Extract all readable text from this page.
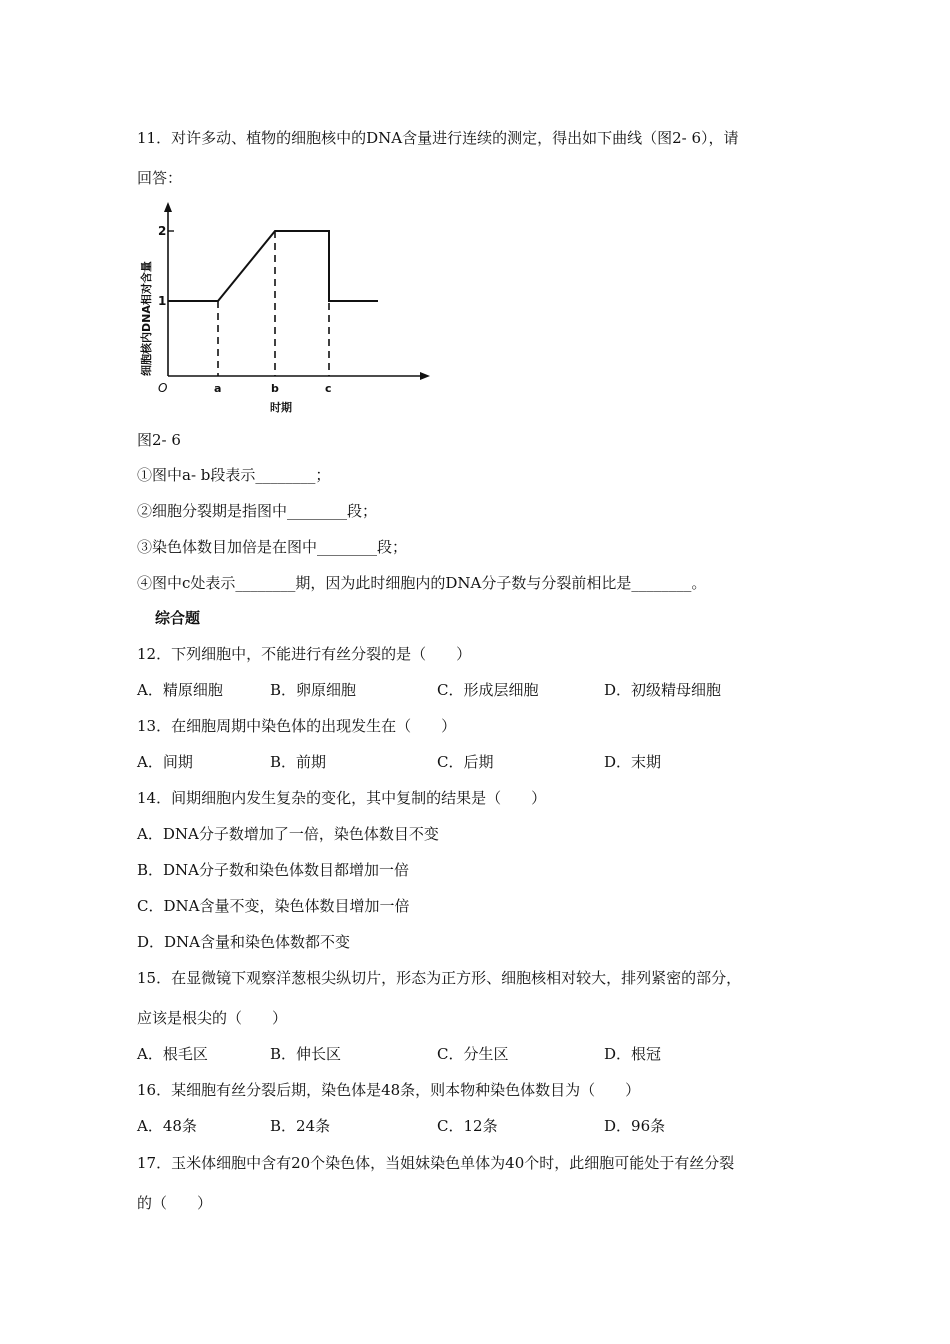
11．对许多动、植物的细胞核中的DNA含量进行连续的测定，得出如下曲线（图2- 6），请
回答：
1
2
O	a	b	c
时期
细胞核内DNA相对含量
图2- 6
①图中a- b段表示________；
②细胞分裂期是指图中________段；
③染色体数目加倍是在图中________段；
④图中c处表示________期，因为此时细胞内的DNA分子数与分裂前相比是________。
综合题
12．下列细胞中，不能进行有丝分裂的是（　　）
A．精原细胞	B．卵原细胞	C．形成层细胞	D．初级精母细胞
13．在细胞周期中染色体的出现发生在（　　）
A．间期	B．前期	C．后期	D．末期
14．间期细胞内发生复杂的变化，其中复制的结果是（　　）
A．DNA分子数增加了一倍，染色体数目不变
B．DNA分子数和染色体数目都增加一倍
C．DNA含量不变，染色体数目增加一倍
D．DNA含量和染色体数都不变
15．在显微镜下观察洋葱根尖纵切片，形态为正方形、细胞核相对较大，排列紧密的部分，
应该是根尖的（　　）
A．根毛区	B．伸长区	C．分生区	D．根冠
16．某细胞有丝分裂后期，染色体是48条，则本物种染色体数目为（　　）
A．48条	B．24条	C．12条	D．96条
17．玉米体细胞中含有20个染色体，当姐妹染色单体为40个时，此细胞可能处于有丝分裂
的（　　）
